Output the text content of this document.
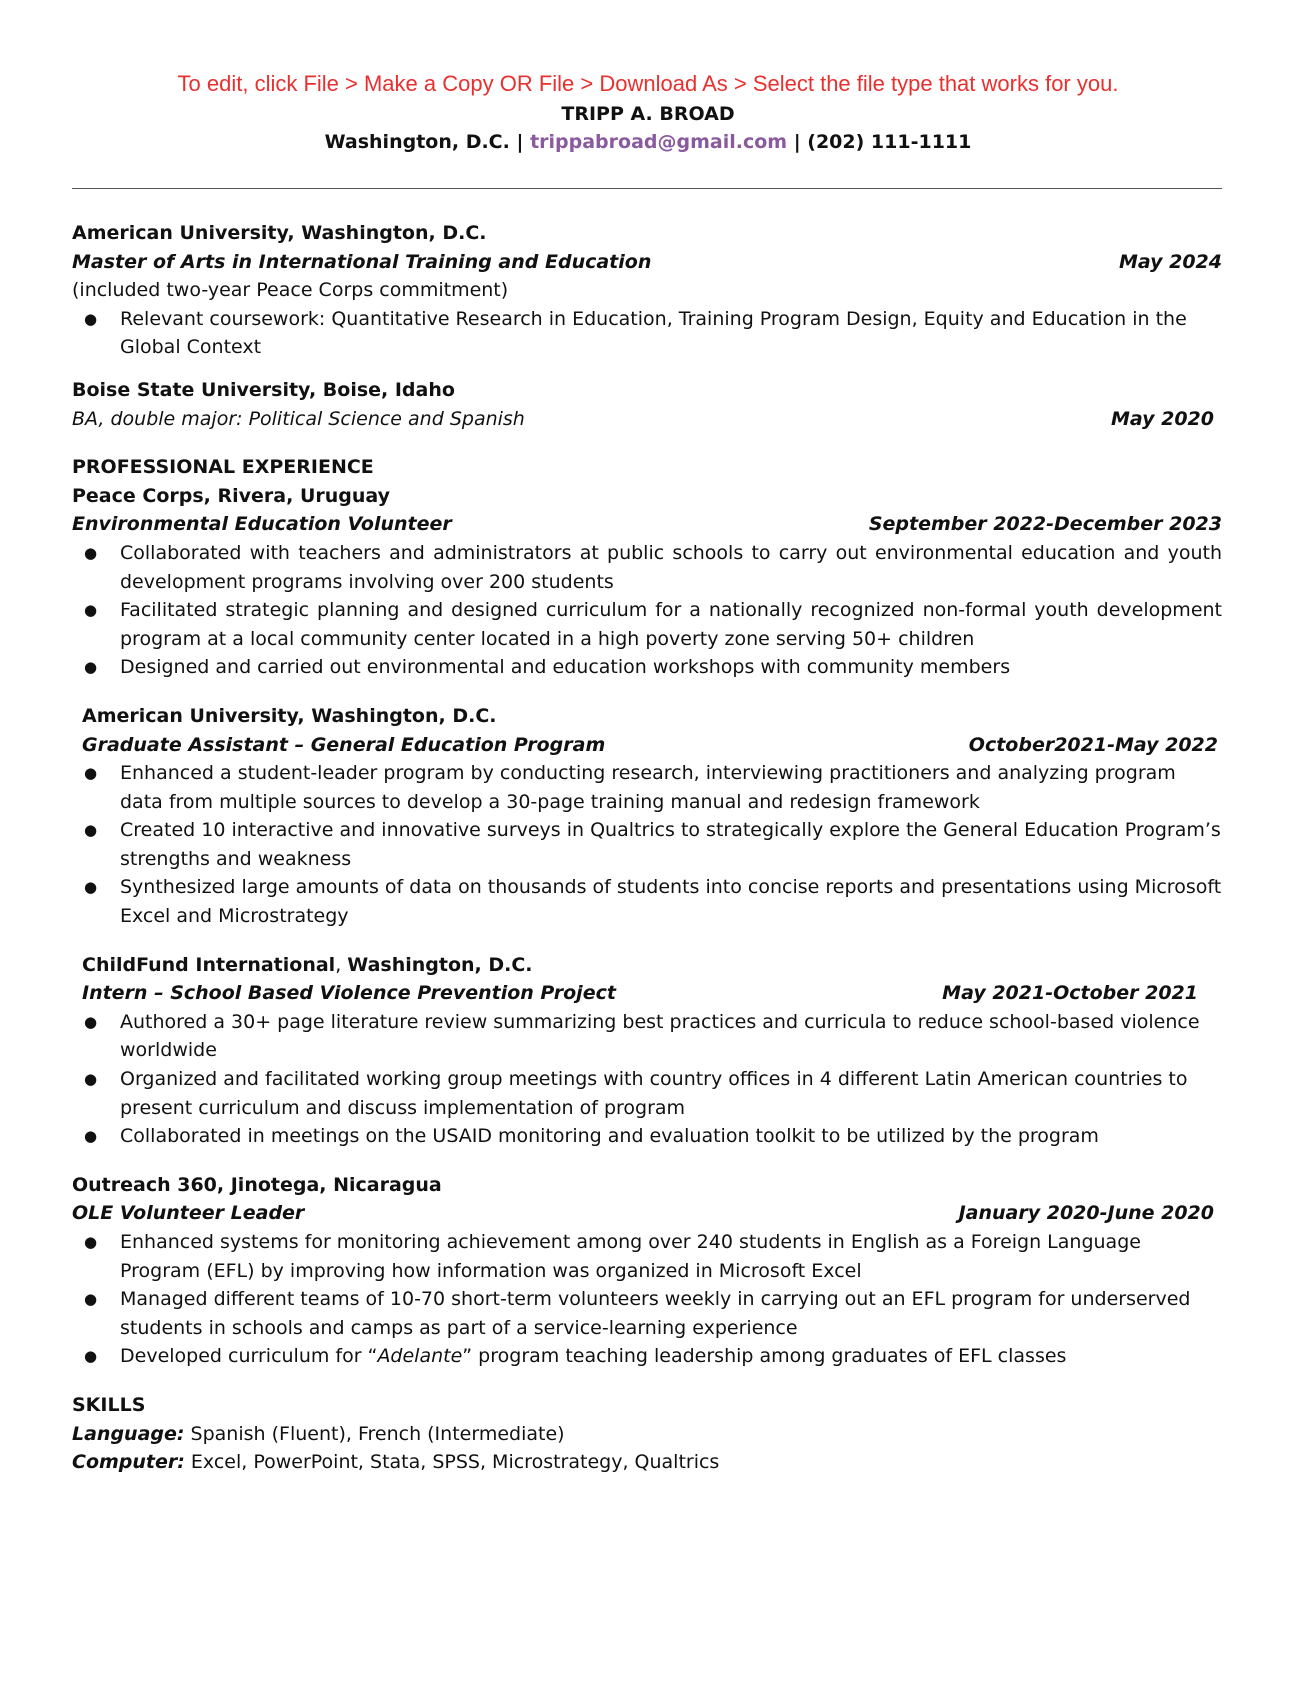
To edit, click File > Make a Copy OR File > Download As > Select the file type that works for you.
TRIPP A. BROAD
Washington, D.C. | trippabroad@gmail.com | (202) 111-1111
American University, Washington, D.C.
Master of Arts in International Training and Education	May 2024
(included two-year Peace Corps commitment)
● Relevant coursework: Quantitative Research in Education, Training Program Design, Equity and Education in the Global Context
Boise State University, Boise, Idaho
BA, double major: Political Science and Spanish	May 2020
PROFESSIONAL EXPERIENCE
Peace Corps, Rivera, Uruguay
Environmental Education Volunteer	September 2022-December 2023
● Collaborated with teachers and administrators at public schools to carry out environmental education and youth development programs involving over 200 students
● Facilitated strategic planning and designed curriculum for a nationally recognized non-formal youth development program at a local community center located in a high poverty zone serving 50+ children
● Designed and carried out environmental and education workshops with community members
American University, Washington, D.C.
Graduate Assistant – General Education Program	October2021-May 2022
● Enhanced a student-leader program by conducting research, interviewing practitioners and analyzing program data from multiple sources to develop a 30-page training manual and redesign framework
● Created 10 interactive and innovative surveys in Qualtrics to strategically explore the General Education Program’s strengths and weakness
● Synthesized large amounts of data on thousands of students into concise reports and presentations using Microsoft Excel and Microstrategy
ChildFund International, Washington, D.C.
Intern – School Based Violence Prevention Project	May 2021-October 2021
● Authored a 30+ page literature review summarizing best practices and curricula to reduce school-based violence worldwide
● Organized and facilitated working group meetings with country offices in 4 different Latin American countries to present curriculum and discuss implementation of program
● Collaborated in meetings on the USAID monitoring and evaluation toolkit to be utilized by the program
Outreach 360, Jinotega, Nicaragua
OLE Volunteer Leader	January 2020-June 2020
● Enhanced systems for monitoring achievement among over 240 students in English as a Foreign Language Program (EFL) by improving how information was organized in Microsoft Excel
● Managed different teams of 10-70 short-term volunteers weekly in carrying out an EFL program for underserved students in schools and camps as part of a service-learning experience
● Developed curriculum for “Adelante” program teaching leadership among graduates of EFL classes
SKILLS
Language: Spanish (Fluent), French (Intermediate)
Computer: Excel, PowerPoint, Stata, SPSS, Microstrategy, Qualtrics
